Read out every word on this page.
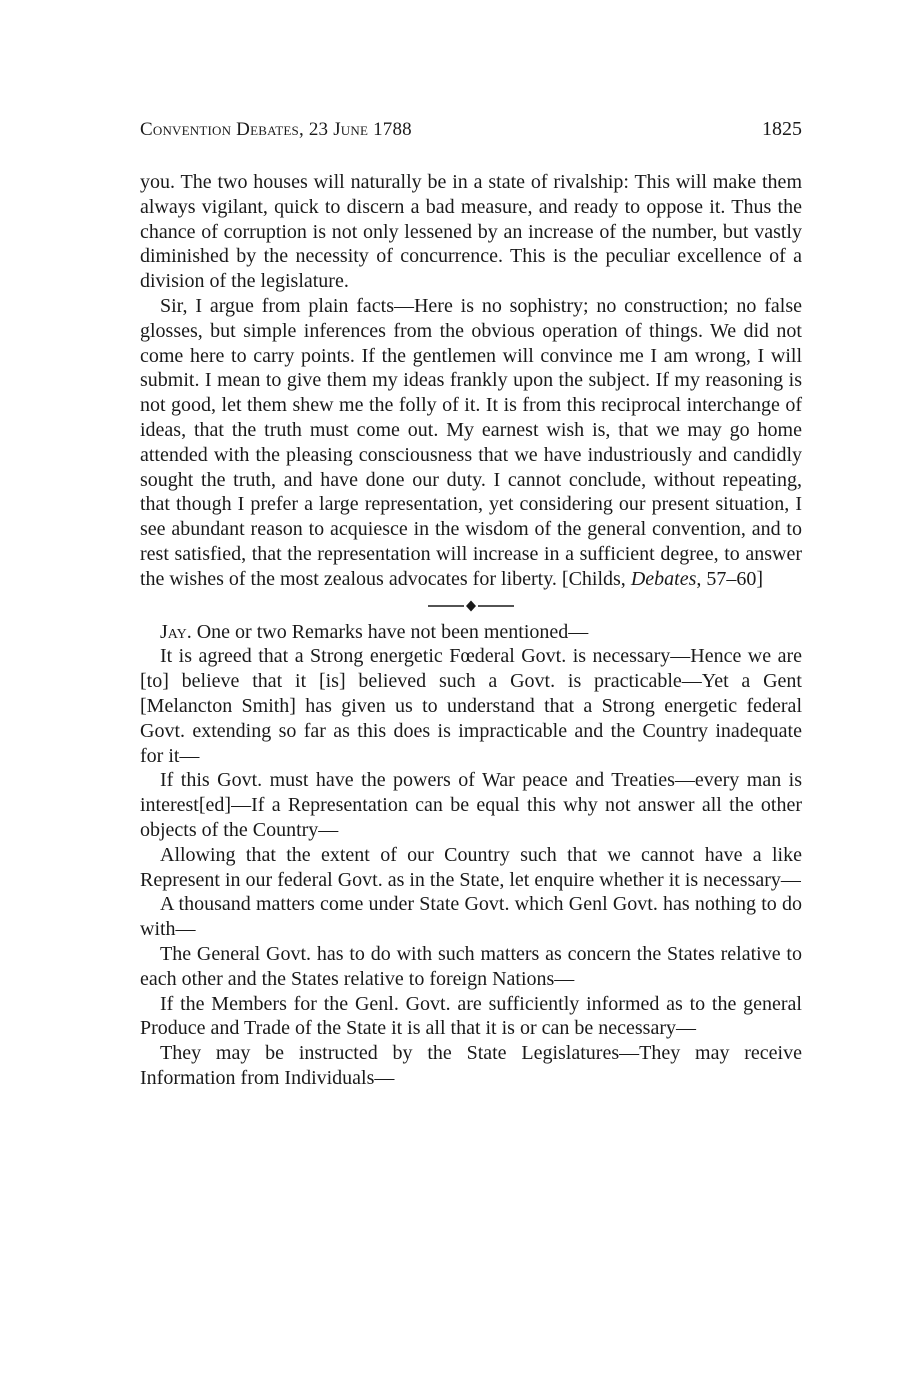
Convention Debates, 23 June 1788	1825

you. The two houses will naturally be in a state of rivalship: This will make them always vigilant, quick to discern a bad measure, and ready to oppose it. Thus the chance of corruption is not only lessened by an increase of the number, but vastly diminished by the necessity of concurrence. This is the peculiar excellence of a division of the legislature.

Sir, I argue from plain facts—Here is no sophistry; no construction; no false glosses, but simple inferences from the obvious operation of things. We did not come here to carry points. If the gentlemen will convince me I am wrong, I will submit. I mean to give them my ideas frankly upon the subject. If my reasoning is not good, let them shew me the folly of it. It is from this reciprocal interchange of ideas, that the truth must come out. My earnest wish is, that we may go home attended with the pleasing consciousness that we have industriously and candidly sought the truth, and have done our duty. I cannot conclude, without repeating, that though I prefer a large representation, yet considering our present situation, I see abundant reason to acquiesce in the wisdom of the general convention, and to rest satisfied, that the representation will increase in a sufficient degree, to answer the wishes of the most zealous advocates for liberty. [Childs, Debates, 57–60]

Jay. One or two Remarks have not been mentioned—

It is agreed that a Strong energetic Fœderal Govt. is necessary—Hence we are [to] believe that it [is] believed such a Govt. is practicable—Yet a Gent [Melancton Smith] has given us to understand that a Strong energetic federal Govt. extending so far as this does is impracticable and the Country inadequate for it—

If this Govt. must have the powers of War peace and Treaties—every man is interest[ed]—If a Representation can be equal this why not answer all the other objects of the Country—

Allowing that the extent of our Country such that we cannot have a like Represent in our federal Govt. as in the State, let enquire whether it is necessary—

A thousand matters come under State Govt. which Genl Govt. has nothing to do with—

The General Govt. has to do with such matters as concern the States relative to each other and the States relative to foreign Nations—

If the Members for the Genl. Govt. are sufficiently informed as to the general Produce and Trade of the State it is all that it is or can be necessary—

They may be instructed by the State Legislatures—They may receive Information from Individuals—
